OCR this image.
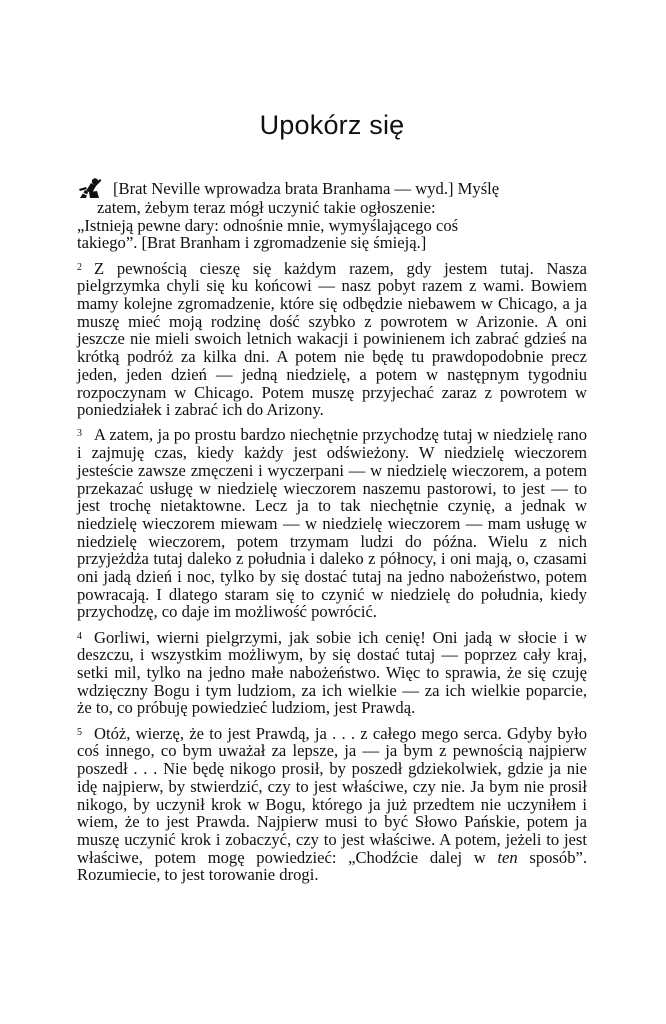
Upokórz się
[Brat Neville wprowadza brata Branhama — wyd.] Myślę
zatem, żebym teraz mógł uczynić takie ogłoszenie:
„Istnieją pewne dary: odnośnie mnie, wymyślającego coś
takiego”. [Brat Branham i zgromadzenie się śmieją.]

$^2$ Z pewnością cieszę się każdym razem, gdy jestem tutaj. Nasza pielgrzymka chyli się ku końcowi — nasz pobyt razem z wami. Bowiem mamy kolejne zgromadzenie, które się odbędzie niebawem w Chicago, a ja muszę mieć moją rodzinę dość szybko z powrotem w Arizonie. A oni jeszcze nie mieli swoich letnich wakacji i powinienem ich zabrać gdzieś na krótką podróż za kilka dni. A potem nie będę tu prawdopodobnie precz jeden, jeden dzień — jedną niedzielę, a potem w następnym tygodniu rozpoczynam w Chicago. Potem muszę przyjechać zaraz z powrotem w poniedziałek i zabrać ich do Arizony.

$^3$ A zatem, ja po prostu bardzo niechętnie przychodzę tutaj w niedzielę rano i zajmuję czas, kiedy każdy jest odświeżony. W niedzielę wieczorem jesteście zawsze zmęczeni i wyczerpani — w niedzielę wieczorem, a potem przekazać usługę w niedzielę wieczorem naszemu pastorowi, to jest — to jest trochę nietaktowne. Lecz ja to tak niechętnie czynię, a jednak w niedzielę wieczorem miewam — w niedzielę wieczorem — mam usługę w niedzielę wieczorem, potem trzymam ludzi do późna. Wielu z nich przyjeżdża tutaj daleko z południa i daleko z północy, i oni mają, o, czasami oni jadą dzień i noc, tylko by się dostać tutaj na jedno nabożeństwo, potem powracają. I dlatego staram się to czynić w niedzielę do południa, kiedy przychodzę, co daje im możliwość powrócić.

$^4$ Gorliwi, wierni pielgrzymi, jak sobie ich cenię! Oni jadą w słocie i w deszczu, i wszystkim możliwym, by się dostać tutaj — poprzez cały kraj, setki mil, tylko na jedno małe nabożeństwo. Więc to sprawia, że się czuję wdzięczny Bogu i tym ludziom, za ich wielkie — za ich wielkie poparcie, że to, co próbuję powiedzieć ludziom, jest Prawdą.

$^5$ Otóż, wierzę, że to jest Prawdą, ja . . . z całego mego serca. Gdyby było coś innego, co bym uważał za lepsze, ja — ja bym z pewnością najpierw poszedł . . . Nie będę nikogo prosił, by poszedł gdziekolwiek, gdzie ja nie idę najpierw, by stwierdzić, czy to jest właściwe, czy nie. Ja bym nie prosił nikogo, by uczynił krok w Bogu, którego ja już przedtem nie uczyniłem i wiem, że to jest Prawda. Najpierw musi to być Słowo Pańskie, potem ja muszę uczynić krok i zobaczyć, czy to jest właściwe. A potem, jeżeli to jest właściwe, potem mogę powiedzieć: „Chodźcie dalej w ten sposób”. Rozumiecie, to jest torowanie drogi.
